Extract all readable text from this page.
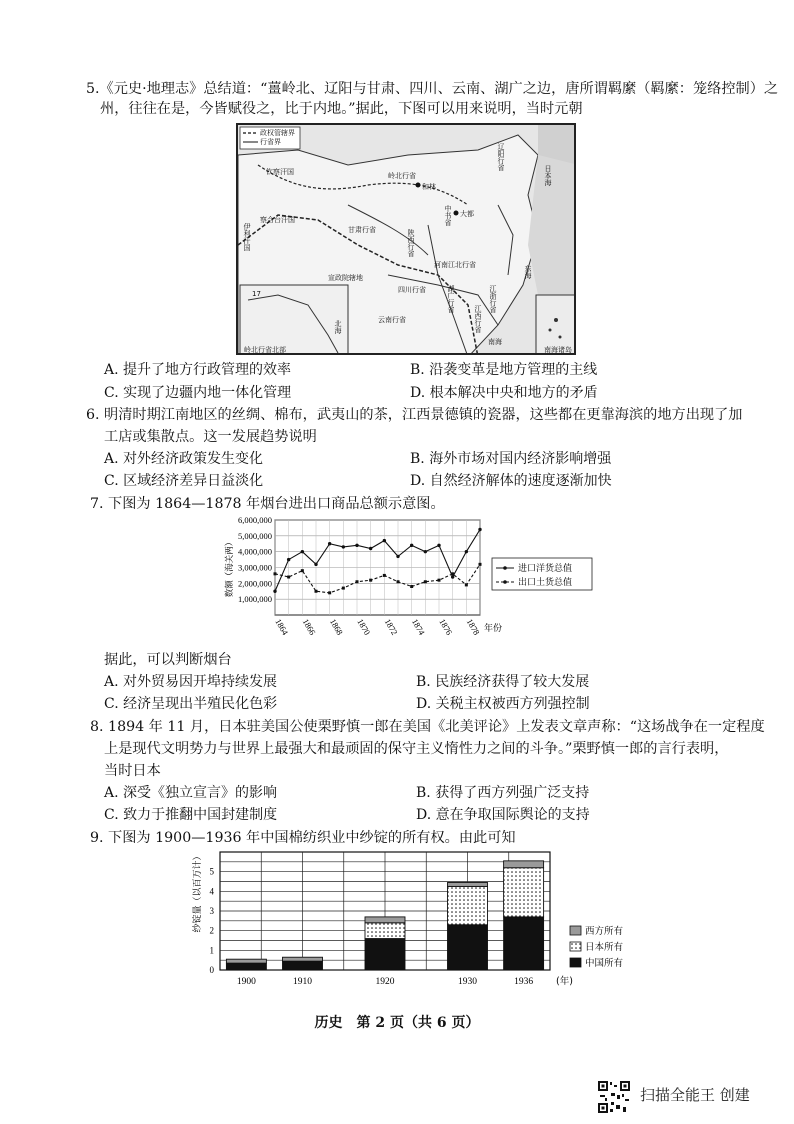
5.《元史·地理志》总结道：“薑岭北、辽阳与甘肃、四川、云南、湖广之边，唐所谓羁縻（羁縻：笼络控制）之
州，往往在是，今皆赋役之，比于内地。”据此，下图可以用来说明，当时元朝
政权管辖界
行省界
钦察汗国
察合台汗国
伊利汗国
岭北行省
辽阳行省
和林
甘肃行省	陕西行省
中书省 大都
宣政院辖地
河南江北行省
四川行省
云南行省
湖广行省	江浙行省
江西行省
日本海
东海
南海
南海诸岛
岭北行省北部
17
北海
A. 提升了地方行政管理的效率	B. 沿袭变革是地方管理的主线
C. 实现了边疆内地一体化管理	D. 根本解决中央和地方的矛盾
6. 明清时期江南地区的丝绸、棉布，武夷山的茶，江西景德镇的瓷器，这些都在更靠海滨的地方出现了加
工店或集散点。这一发展趋势说明
A. 对外经济政策发生变化	B. 海外市场对国内经济影响增强
C. 区域经济差异日益淡化	D. 自然经济解体的速度逐渐加快
7. 下图为 1864—1878 年烟台进出口商品总额示意图。
1,000,000
2,000,000
3,000,000
4,000,000
5,000,000
6,000,000
1864 1866 1868 1870 1872 1874 1876 1878 年份
数额（海关两）	进口洋货总值
出口土货总值
据此，可以判断烟台
A. 对外贸易因开埠持续发展	B. 民族经济获得了较大发展
C. 经济呈现出半殖民化色彩	D. 关税主权被西方列强控制
8. 1894 年 11 月，日本驻美国公使栗野慎一郎在美国《北美评论》上发表文章声称：“这场战争在一定程度
上是现代文明势力与世界上最强大和最顽固的保守主义惰性力之间的斗争。”栗野慎一郎的言行表明，
当时日本
A. 深受《独立宣言》的影响	B. 获得了西方列强广泛支持
C. 致力于推翻中国封建制度	D. 意在争取国际舆论的支持
9. 下图为 1900—1936 年中国棉纺织业中纱锭的所有权。由此可知
0
1
2
3
4
5
纱锭量（以百万计）
1900	1910	1920	1930	1936 (年)
西方所有
日本所有
中国所有
历史　第 2 页（共 6 页）
扫描全能王 创建
